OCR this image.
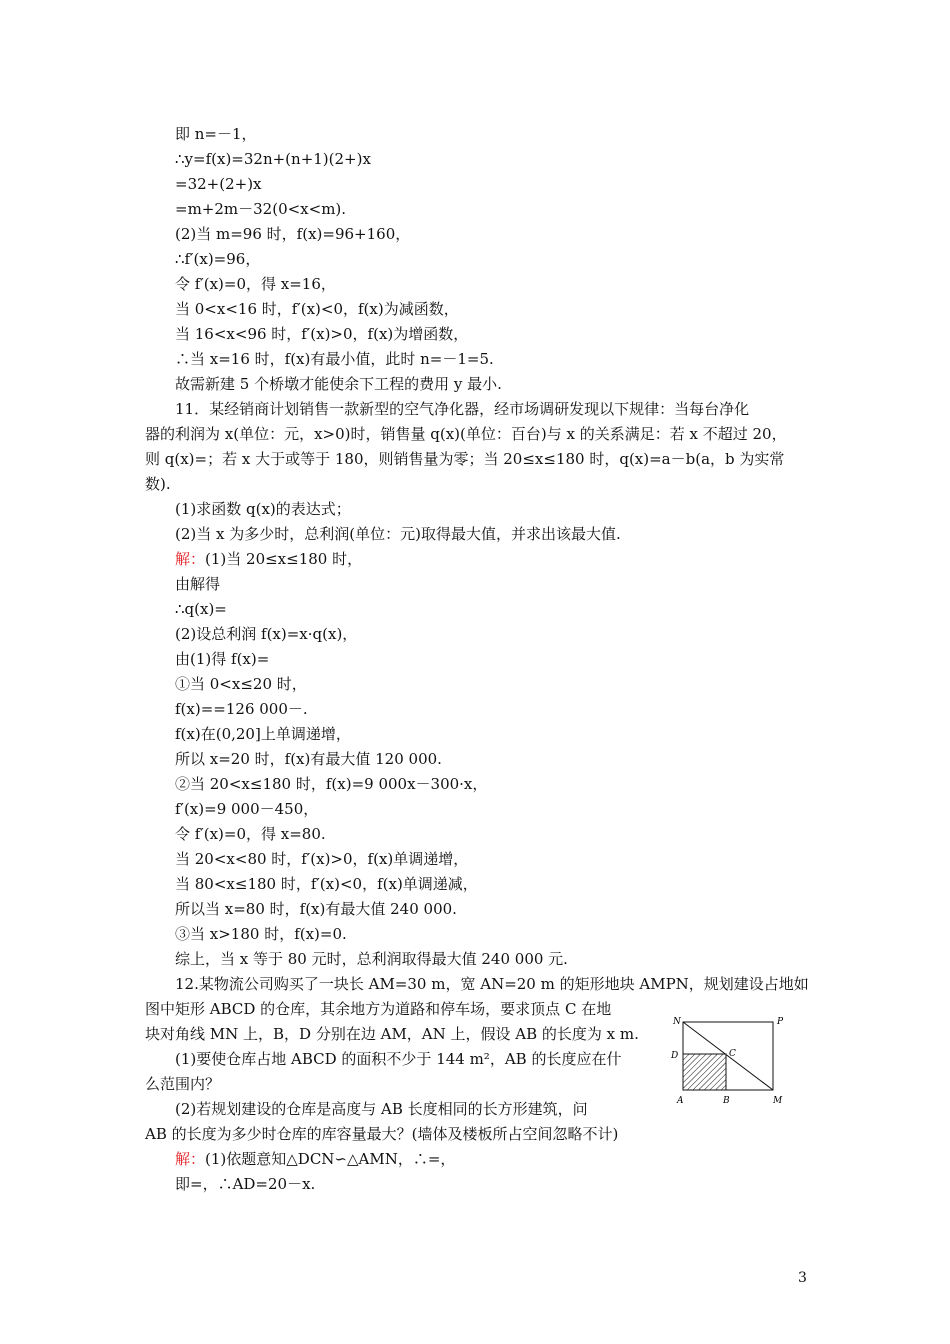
即 n=－1，
∴y=f(x)=32n+(n+1)(2+)x
=32+(2+)x
=m+2m－32(0<x<m).
(2)当 m=96 时，f(x)=96+160，
∴f′(x)=96，
令 f′(x)=0，得 x=16，
当 0<x<16 时，f′(x)<0，f(x)为减函数，
当 16<x<96 时，f′(x)>0，f(x)为增函数，
∴当 x=16 时，f(x)有最小值，此时 n=－1=5.
故需新建 5 个桥墩才能使余下工程的费用 y 最小.
11．某经销商计划销售一款新型的空气净化器，经市场调研发现以下规律：当每台净化
器的利润为 x(单位：元，x>0)时，销售量 q(x)(单位：百台)与 x 的关系满足：若 x 不超过 20，
则 q(x)=；若 x 大于或等于 180，则销售量为零；当 20≤x≤180 时，q(x)=a－b(a，b 为实常
数).
(1)求函数 q(x)的表达式；
(2)当 x 为多少时，总利润(单位：元)取得最大值，并求出该最大值.
解：(1)当 20≤x≤180 时，
由解得
∴q(x)=
(2)设总利润 f(x)=x·q(x)，
由(1)得 f(x)=
①当 0<x≤20 时，
f(x)==126 000－.
f(x)在(0,20]上单调递增，
所以 x=20 时，f(x)有最大值 120 000.
②当 20<x≤180 时，f(x)=9 000x－300·x，
f′(x)=9 000－450，
令 f′(x)=0，得 x=80.
当 20<x<80 时，f′(x)>0，f(x)单调递增，
当 80<x≤180 时，f′(x)<0，f(x)单调递减，
所以当 x=80 时，f(x)有最大值 240 000.
③当 x>180 时，f(x)=0.
综上，当 x 等于 80 元时，总利润取得最大值 240 000 元.
12.某物流公司购买了一块长 AM=30 m，宽 AN=20 m 的矩形地块 AMPN，规划建设占地如
图中矩形 ABCD 的仓库，其余地方为道路和停车场，要求顶点 C 在地
块对角线 MN 上，B，D 分别在边 AM，AN 上，假设 AB 的长度为 x m.
(1)要使仓库占地 ABCD 的面积不少于 144 m²，AB 的长度应在什
么范围内？
(2)若规划建设的仓库是高度与 AB 长度相同的长方形建筑，问
AB 的长度为多少时仓库的库容量最大？(墙体及楼板所占空间忽略不计)
解：(1)依题意知△DCN∽△AMN，∴=，
即=，∴AD=20－x.
N	P
D	C
A	B	M
3
